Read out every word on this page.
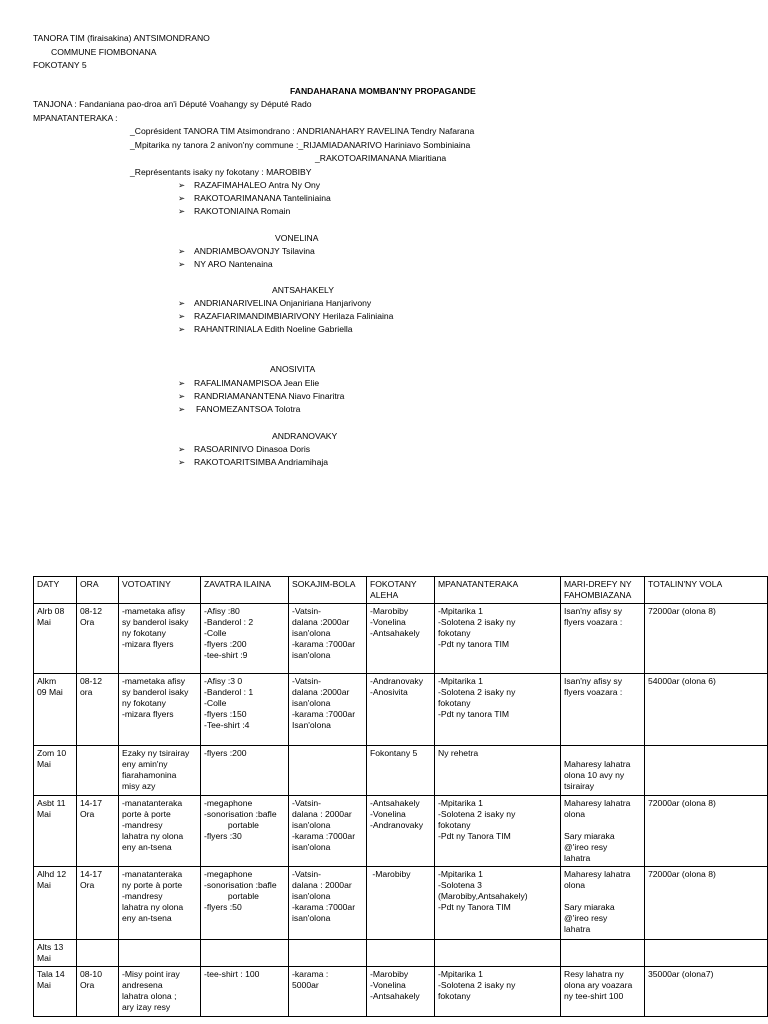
TANORA TIM (firaisakina) ANTSIMONDRANO
COMMUNE FIOMBONANA
FOKOTANY 5
FANDAHARANA MOMBAN'NY PROPAGANDE
TANJONA : Fandaniana pao-droa an'i Député Voahangy sy Député Rado
MPANATANTERAKA :
_Coprésident TANORA TIM Atsimondrano : ANDRIANAHARY RAVELINA Tendry Nafarana
_Mpitarika ny tanora 2 anivon'ny commune :_RIJAMIADANARIVO Hariniavo Sombiniaina
_RAKOTOARIMANANA Miaritiana
_Représentants isaky ny fokotany : MAROBIBY
➢ RAZAFIMAHALEO Antra Ny Ony
➢ RAKOTOARIMANANA Tanteliniaina
➢ RAKOTONIAINA Romain
VONELINA
➢ ANDRIAMBOAVONJY Tsilavina
➢ NY ARO Nantenaina
ANTSAHAKELY
➢ ANDRIANARIVELINA Onjaniriana Hanjarivony
➢ RAZAFIARIMANDIMBIARIVONY Herilaza Faliniaina
➢ RAHANTRINIALA Edith Noeline Gabriella
ANOSIVITA
➢ RAFALIMANAMPISOA Jean Elie
➢ RANDRIAMANANTENA Niavo Finaritra
➢ FANOMEZANTSOA Tolotra
ANDRANOVAKY
➢ RASOARINIVO Dinasoa Doris
➢ RAKOTOARITSIMBA Andriamihaja
DATY	ORA	VOTOATINY	ZAVATRA ILAINA	SOKAJIM-BOLA	FOKOTANY
ALEHA	MPANATANTERAKA	MARI-DREFY NY
FAHOMBIAZANA	TOTALIN'NY VOLA

Alrb 08
Mai	08-12
Ora	-mametaka afisy
sy banderol isaky
ny fokotany
-mizara flyers	-Afisy :80
-Banderol : 2
-Colle
-flyers :200
-tee-shirt :9	-Vatsin-
dalana :2000ar
isan'olona
-karama :7000ar
isan'olona	-Marobiby
-Vonelina
-Antsahakely	-Mpitarika 1
-Solotena 2 isaky ny
fokotany
-Pdt ny tanora TIM	Isan'ny afisy sy
flyers voazara :	72000ar (olona 8)

Alkm
09 Mai	08-12
ora	-mametaka afisy
sy banderol isaky
ny fokotany
-mizara flyers	-Afisy :3 0
-Banderol : 1
-Colle
-flyers :150
-Tee-shirt :4	-Vatsin-
dalana :2000ar
isan'olona
-karama :7000ar
Isan'olona	-Andranovaky
-Anosivita	-Mpitarika 1
-Solotena 2 isaky ny
fokotany
-Pdt ny tanora TIM	Isan'ny afisy sy
flyers voazara :	54000ar (olona 6)

Zom 10
Mai		Ezaky ny tsirairay
eny amin'ny
fiarahamonina
misy azy	-flyers :200		Fokontany 5	Ny rehetra	Maharesy lahatra
olona 10 avy ny
tsirairay	

Asbt 11
Mai	14-17
Ora	-manatanteraka
porte à porte
-mandresy
lahatra ny olona
eny an-tsena	-megaphone
-sonorisation :bafle
portable
-flyers :30	-Vatsin-
dalana : 2000ar
isan'olona
-karama :7000ar
isan'olona	-Antsahakely
-Vonelina
-Andranovaky	-Mpitarika 1
-Solotena 2 isaky ny
fokotany
-Pdt ny Tanora TIM	Maharesy lahatra
olona
Sary miaraka
@'ireo resy
lahatra	72000ar (olona 8)

Alhd 12
Mai	14-17
Ora	-manatanteraka
ny porte à porte
-mandresy
lahatra ny olona
eny an-tsena	-megaphone
-sonorisation :bafle
portable
-flyers :50	-Vatsin-
dalana : 2000ar
isan'olona
-karama :7000ar
isan'olona	-Marobiby	-Mpitarika 1
-Solotena 3
(Marobiby,Antsahakely)
-Pdt ny Tanora TIM	Maharesy lahatra
olona
Sary miaraka
@'ireo resy
lahatra	72000ar (olona 8)

Alts 13
Mai								

Tala 14
Mai	08-10
Ora	-Misy point iray
andresena
lahatra olona ;
ary izay resy	-tee-shirt : 100	-karama :
5000ar	-Marobiby
-Vonelina
-Antsahakely	-Mpitarika 1
-Solotena 2 isaky ny
fokotany	Resy lahatra ny
olona ary voazara
ny tee-shirt 100	35000ar (olona7)
